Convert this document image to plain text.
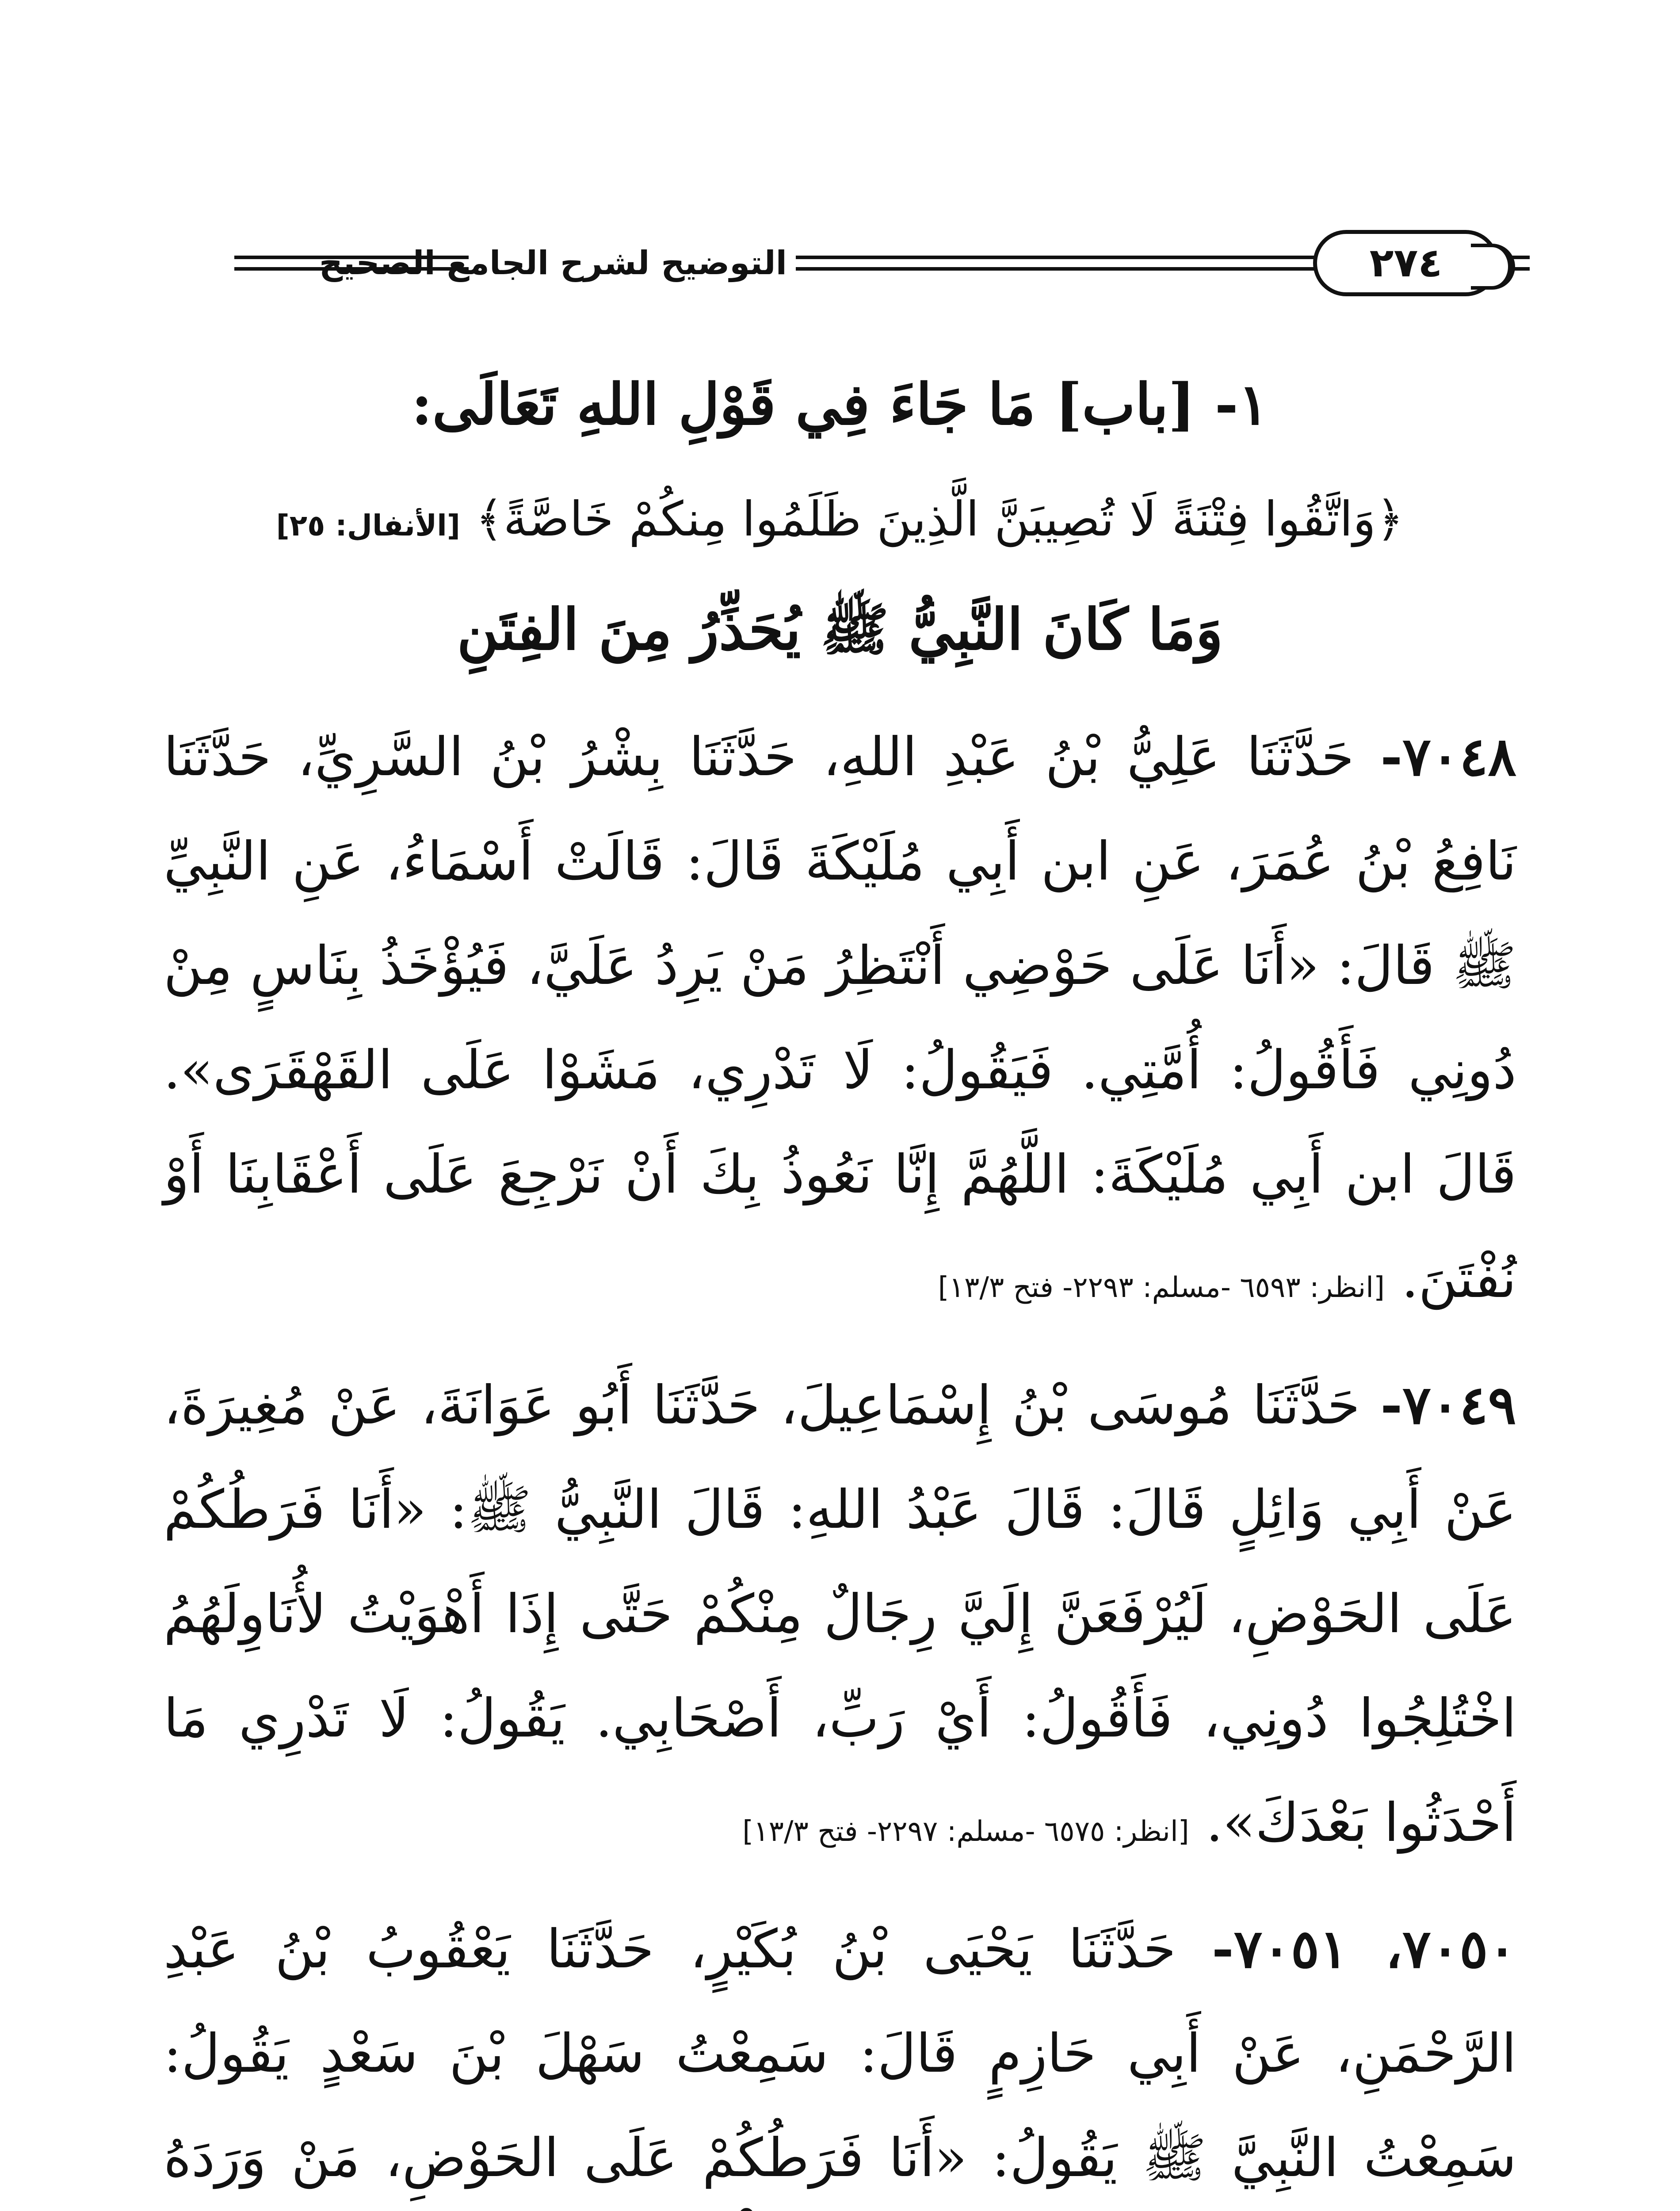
التوضيح لشرح الجامع الصحيح	٢٧٤
١- [باب] مَا جَاءَ فِي قَوْلِ اللهِ تَعَالَى:

﴿وَاتَّقُوا فِتْنَةً لَا تُصِيبَنَّ الَّذِينَ ظَلَمُوا مِنكُمْ خَاصَّةً﴾ [الأنفال: ٢٥]

وَمَا كَانَ النَّبِيُّ ﷺ يُحَذِّرُ مِنَ الفِتَنِ

٧٠٤٨- حَدَّثَنَا عَلِيُّ بْنُ عَبْدِ اللهِ، حَدَّثَنَا بِشْرُ بْنُ السَّرِيِّ، حَدَّثَنَا نَافِعُ بْنُ عُمَرَ، عَنِ ابن أَبِي مُلَيْكَةَ قَالَ: قَالَتْ أَسْمَاءُ، عَنِ النَّبِيِّ ﷺ قَالَ: «أَنَا عَلَى حَوْضِي أَنْتَظِرُ مَنْ يَرِدُ عَلَيَّ، فَيُؤْخَذُ بِنَاسٍ مِنْ دُونِي فَأَقُولُ: أُمَّتِي. فَيَقُولُ: لَا تَدْرِي، مَشَوْا عَلَى القَهْقَرَى». قَالَ ابن أَبِي مُلَيْكَةَ: اللَّهُمَّ إِنَّا نَعُوذُ بِكَ أَنْ نَرْجِعَ عَلَى أَعْقَابِنَا أَوْ نُفْتَنَ. [انظر: ٦٥٩٣ -مسلم: ٢٢٩٣- فتح ١٣/٣]

٧٠٤٩- حَدَّثَنَا مُوسَى بْنُ إِسْمَاعِيلَ، حَدَّثَنَا أَبُو عَوَانَةَ، عَنْ مُغِيرَةَ، عَنْ أَبِي وَائِلٍ قَالَ: قَالَ عَبْدُ اللهِ: قَالَ النَّبِيُّ ﷺ: «أَنَا فَرَطُكُمْ عَلَى الحَوْضِ، لَيُرْفَعَنَّ إِلَيَّ رِجَالٌ مِنْكُمْ حَتَّى إِذَا أَهْوَيْتُ لأُنَاوِلَهُمُ اخْتُلِجُوا دُونِي، فَأَقُولُ: أَيْ رَبِّ، أَصْحَابِي. يَقُولُ: لَا تَدْرِي مَا أَحْدَثُوا بَعْدَكَ». [انظر: ٦٥٧٥ -مسلم: ٢٢٩٧- فتح ١٣/٣]

٧٠٥٠، ٧٠٥١- حَدَّثَنَا يَحْيَى بْنُ بُكَيْرٍ، حَدَّثَنَا يَعْقُوبُ بْنُ عَبْدِ الرَّحْمَنِ، عَنْ أَبِي حَازِمٍ قَالَ: سَمِعْتُ سَهْلَ بْنَ سَعْدٍ يَقُولُ: سَمِعْتُ النَّبِيَّ ﷺ يَقُولُ: «أَنَا فَرَطُكُمْ عَلَى الحَوْضِ، مَنْ وَرَدَهُ
